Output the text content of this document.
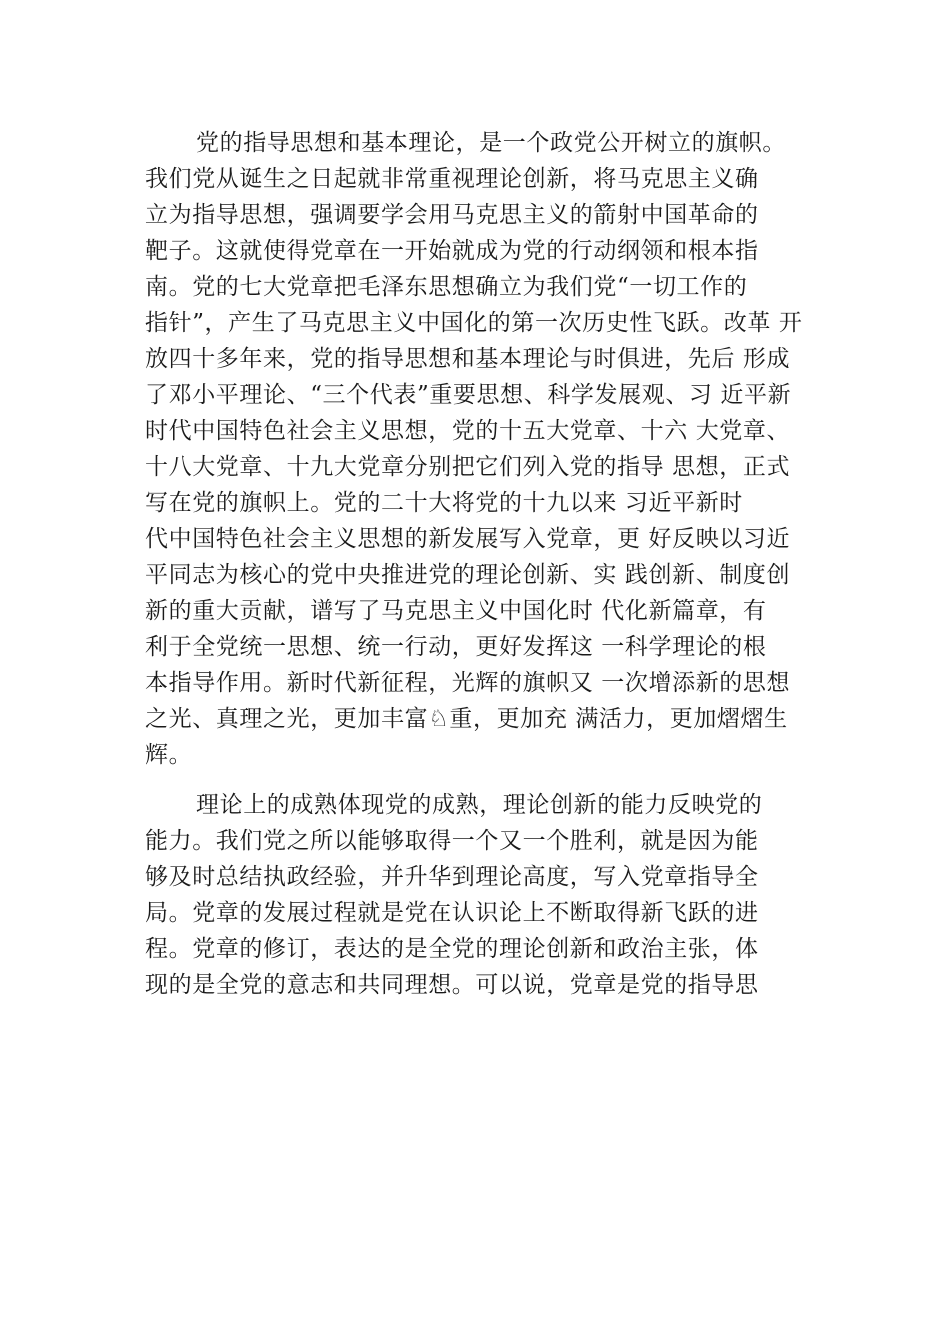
党的指导思想和基本理论，是一个政党公开树立的旗帜。
我们党从诞生之日起就非常重视理论创新，将马克思主义确
立为指导思想，强调要学会用马克思主义的箭射中国革命的
靶子。这就使得党章在一开始就成为党的行动纲领和根本指
南。党的七大党章把毛泽东思想确立为我们党“一切工作的
指针”，产生了马克思主义中国化的第一次历史性飞跃。改革 开
放四十多年来，党的指导思想和基本理论与时俱进，先后 形成
了邓小平理论、“三个代表”重要思想、科学发展观、习 近平新
时代中国特色社会主义思想，党的十五大党章、十六 大党章、
十八大党章、十九大党章分别把它们列入党的指导 思想，正式
写在党的旗帜上。党的二十大将党的十九以来 习近平新时
代中国特色社会主义思想的新发展写入党章，更 好反映以习近
平同志为核心的党中央推进党的理论创新、实 践创新、制度创
新的重大贡献，谱写了马克思主义中国化时 代化新篇章，有
利于全党统一思想、统一行动，更好发挥这 一科学理论的根
本指导作用。新时代新征程，光辉的旗帜又 一次增添新的思想
之光、真理之光，更加丰富♘重，更加充 满活力，更加熠熠生
辉。
理论上的成熟体现党的成熟，理论创新的能力反映党的
能力。我们党之所以能够取得一个又一个胜利，就是因为能
够及时总结执政经验，并升华到理论高度，写入党章指导全
局。党章的发展过程就是党在认识论上不断取得新飞跃的进
程。党章的修订，表达的是全党的理论创新和政治主张，体
现的是全党的意志和共同理想。可以说，党章是党的指导思
